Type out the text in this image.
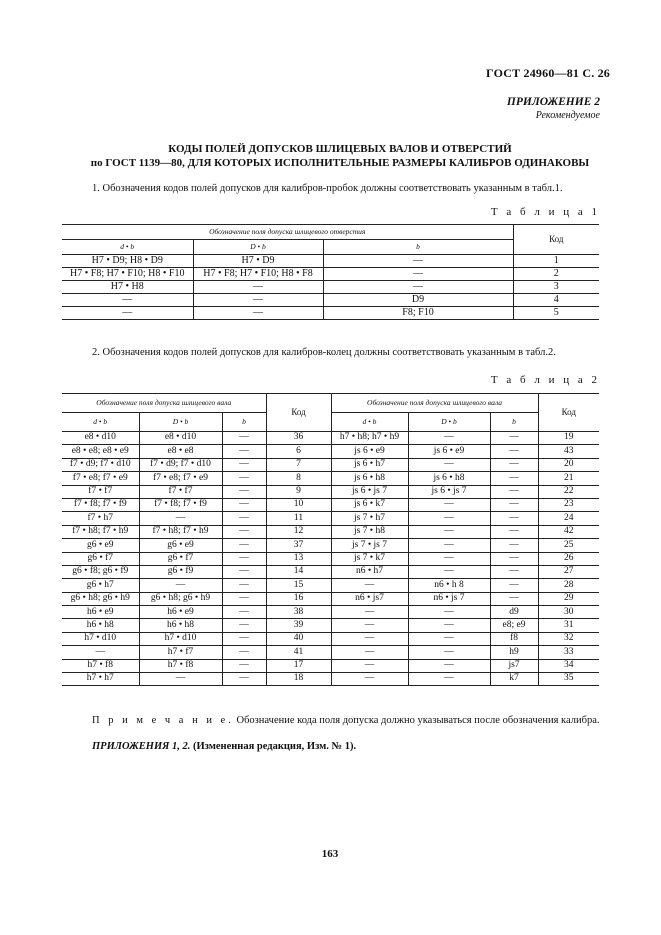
ГОСТ 24960—81 С. 26
ПРИЛОЖЕНИЕ 2
Рекомендуемое
КОДЫ ПОЛЕЙ ДОПУСКОВ ШЛИЦЕВЫХ ВАЛОВ И ОТВЕРСТИЙ
по ГОСТ 1139—80, ДЛЯ КОТОРЫХ ИСПОЛНИТЕЛЬНЫЕ РАЗМЕРЫ КАЛИБРОВ ОДИНАКОВЫ
1. Обозначения кодов полей допусков для калибров-пробок должны соответствовать указанным в табл.1.
Т а б л и ц а 1
Обозначение поля допуска шлицевого отверстия			Код
d • b	D • b	b	
H7 • D9; H8 • D9	H7 • D9	—	1
H7 • F8; H7 • F10; H8 • F10	H7 • F8; H7 • F10; H8 • F8	—	2
H7 • H8	—	—	3
—	—	D9	4
—	—	F8; F10	5
2. Обозначения кодов полей допусков для калибров-колец должны соответствовать указанным в табл.2.
Т а б л и ц а 2
Обозначение поля допуска шлицевого вала			Код	Обозначение поля допуска шлицевого вала			Код
d • b	D • b	b		d • b	D • b	b	
e8 • d10	e8 • d10	—	36	h7 • h8; h7 • h9	—	—	19
e8 • e8; e8 • e9	e8 • e8	—	6	js 6 • e9	js 6 • e9	—	43
f7 • d9; f7 • d10	f7 • d9; f7 • d10	—	7	js 6 • h7	—	—	20
f7 • e8; f7 • e9	f7 • e8; f7 • e9	—	8	js 6 • h8	js 6 • h8	—	21
f7 • f7	f7 • f7	—	9	js 6 • js 7	js 6 • js 7	—	22
f7 • f8; f7 • f9	f7 • f8; f7 • f9	—	10	js 6 • k7	—	—	23
f7 • h7	—	—	11	js 7 • h7	—	—	24
f7 • h8; f7 • h9	f7 • h8; f7 • h9	—	12	js 7 • h8	—	—	42
g6 • e9	g6 • e9	—	37	js 7 • js 7	—	—	25
g6 • f7	g6 • f7	—	13	js 7 • k7	—	—	26
g6 • f8; g6 • f9	g6 • f9	—	14	n6 • h7	—	—	27
g6 • h7	—	—	15	—	n6 • h 8	—	28
g6 • h8; g6 • h9	g6 • h8; g6 • h9	—	16	n6 • js7	n6 • js 7	—	29
h6 • e9	h6 • e9	—	38	—	—	d9	30
h6 • h8	h6 • h8	—	39	—	—	e8; e9	31
h7 • d10	h7 • d10	—	40	—	—	f8	32
—	h7 • f7	—	41	—	—	h9	33
h7 • f8	h7 • f8	—	17	—	—	js7	34
h7 • h7	—	—	18	—	—	k7	35
П р и м е ч а н и е. Обозначение кода поля допуска должно указываться после обозначения калибра.
ПРИЛОЖЕНИЯ 1, 2. (Измененная редакция, Изм. № 1).
163
